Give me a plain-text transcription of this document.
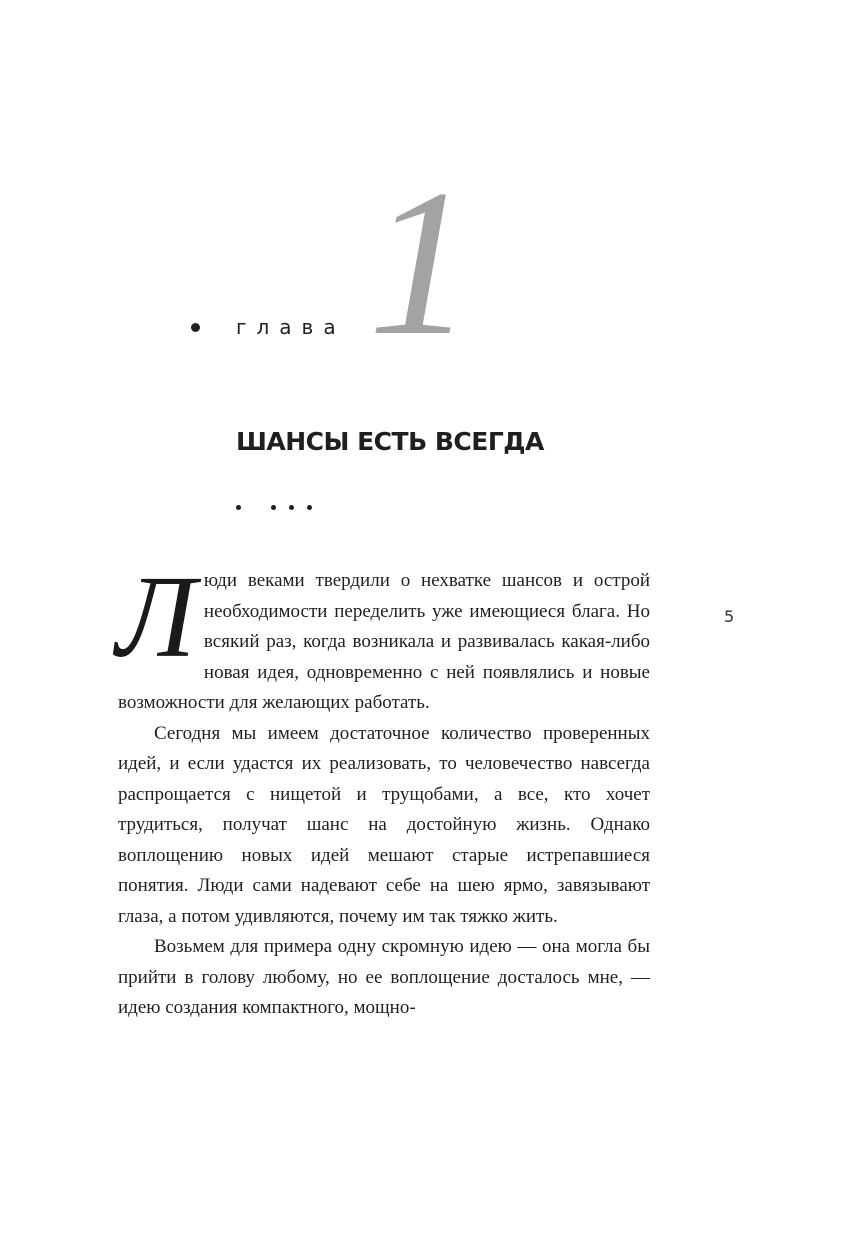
глава 1
ШАНСЫ ЕСТЬ ВСЕГДА

Люди веками твердили о нехватке шансов и острой необходимости переделить уже имеющиеся блага. Но всякий раз, когда возникала и развивалась какая-либо новая идея, одновременно с ней появлялись и новые возможности для желающих работать.

Сегодня мы имеем достаточное количество проверенных идей, и если удастся их реализовать, то человечество навсегда распрощается с нищетой и трущобами, а все, кто хочет трудиться, получат шанс на достойную жизнь. Однако воплощению новых идей мешают старые истрепавшиеся понятия. Люди сами надевают себе на шею ярмо, завязывают глаза, а потом удивляются, почему им так тяжко жить.

Возьмем для примера одну скромную идею — она могла бы прийти в голову любому, но ее воплощение досталось мне, — идею создания компактного, мощно-

5
